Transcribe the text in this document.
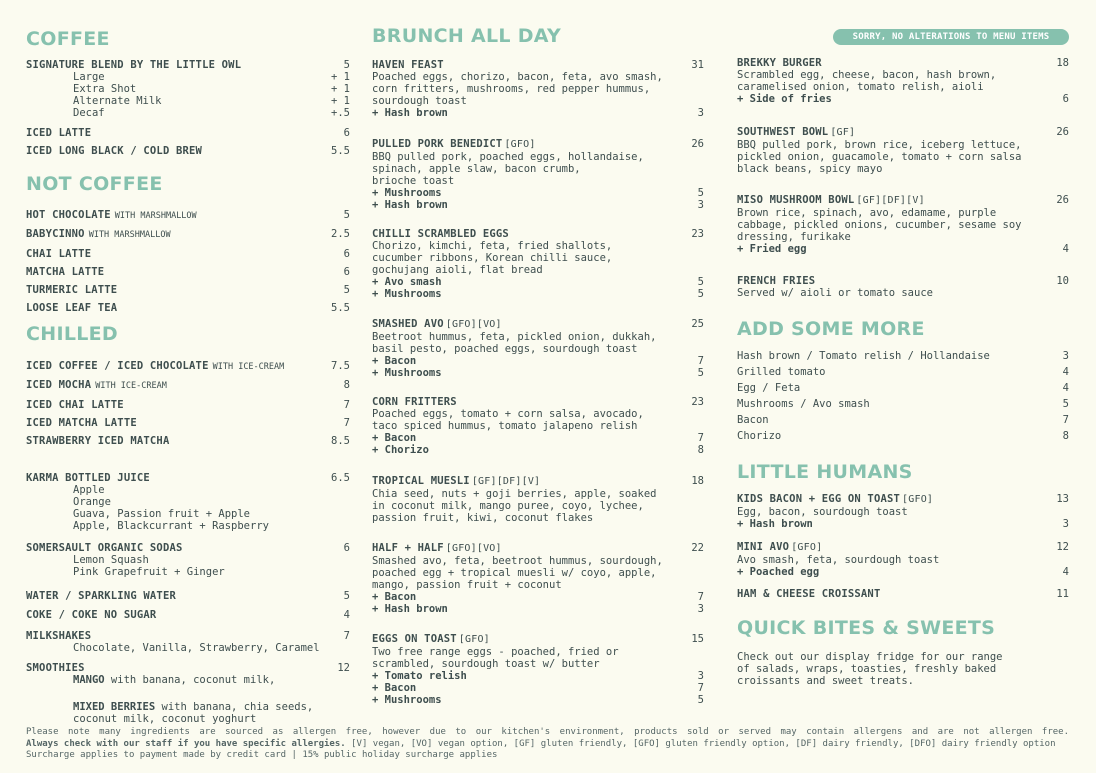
COFFEE
SIGNATURE BLEND BY THE LITTLE OWL	5
Large	+ 1
Extra Shot	+ 1
Alternate Milk	+ 1
Decaf	+.5
ICED LATTE	6
ICED LONG BLACK / COLD BREW	5.5
NOT COFFEE
HOT CHOCOLATE WITH MARSHMALLOW	5
BABYCINNO WITH MARSHMALLOW	2.5
CHAI LATTE	6
MATCHA LATTE	6
TURMERIC LATTE	5
LOOSE LEAF TEA	5.5
CHILLED
ICED COFFEE / ICED CHOCOLATE WITH ICE-CREAM	7.5
ICED MOCHA WITH ICE-CREAM	8
ICED CHAI LATTE	7
ICED MATCHA LATTE	7
STRAWBERRY ICED MATCHA	8.5
KARMA BOTTLED JUICE	6.5
Apple
Orange
Guava, Passion fruit + Apple
Apple, Blackcurrant + Raspberry
SOMERSAULT ORGANIC SODAS	6
Lemon Squash
Pink Grapefruit + Ginger
WATER / SPARKLING WATER	5
COKE / COKE NO SUGAR	4
MILKSHAKES	7
Chocolate, Vanilla, Strawberry, Caramel
SMOOTHIES	12
MANGO with banana, coconut milk,
MIXED BERRIES with banana, chia seeds,
coconut milk, coconut yoghurt
BRUNCH ALL DAY
HAVEN FEAST	31
Poached eggs, chorizo, bacon, feta, avo smash,
corn fritters, mushrooms, red pepper hummus,
sourdough toast
+ Hash brown	3
PULLED PORK BENEDICT [GFO]	26
BBQ pulled pork, poached eggs, hollandaise,
spinach, apple slaw, bacon crumb,
brioche toast
+ Mushrooms	5
+ Hash brown	3
CHILLI SCRAMBLED EGGS	23
Chorizo, kimchi, feta, fried shallots,
cucumber ribbons, Korean chilli sauce,
gochujang aioli, flat bread
+ Avo smash	5
+ Mushrooms	5
SMASHED AVO [GFO][VO]	25
Beetroot hummus, feta, pickled onion, dukkah,
basil pesto, poached eggs, sourdough toast
+ Bacon	7
+ Mushrooms	5
CORN FRITTERS	23
Poached eggs, tomato + corn salsa, avocado,
taco spiced hummus, tomato jalapeno relish
+ Bacon	7
+ Chorizo	8
TROPICAL MUESLI [GF][DF][V]	18
Chia seed, nuts + goji berries, apple, soaked
in coconut milk, mango puree, coyo, lychee,
passion fruit, kiwi, coconut flakes
HALF + HALF [GFO][VO]	22
Smashed avo, feta, beetroot hummus, sourdough,
poached egg + tropical muesli w/ coyo, apple,
mango, passion fruit + coconut
+ Bacon	7
+ Hash brown	3
EGGS ON TOAST [GFO]	15
Two free range eggs - poached, fried or
scrambled, sourdough toast w/ butter
+ Tomato relish	3
+ Bacon	7
+ Mushrooms	5
SORRY, NO ALTERATIONS TO MENU ITEMS
BREKKY BURGER	18
Scrambled egg, cheese, bacon, hash brown,
caramelised onion, tomato relish, aioli
+ Side of fries	6
SOUTHWEST BOWL [GF]	26
BBQ pulled pork, brown rice, iceberg lettuce,
pickled onion, guacamole, tomato + corn salsa
black beans, spicy mayo
MISO MUSHROOM BOWL [GF][DF][V]	26
Brown rice, spinach, avo, edamame, purple
cabbage, pickled onions, cucumber, sesame soy
dressing, furikake
+ Fried egg	4
FRENCH FRIES	10
Served w/ aioli or tomato sauce
ADD SOME MORE
Hash brown / Tomato relish / Hollandaise	3
Grilled tomato	4
Egg / Feta	4
Mushrooms / Avo smash	5
Bacon	7
Chorizo	8
LITTLE HUMANS
KIDS BACON + EGG ON TOAST [GFO]	13
Egg, bacon, sourdough toast
+ Hash brown	3
MINI AVO [GFO]	12
Avo smash, feta, sourdough toast
+ Poached egg	4
HAM & CHEESE CROISSANT	11
QUICK BITES & SWEETS
Check out our display fridge for our range
of salads, wraps, toasties, freshly baked
croissants and sweet treats.
Please note many ingredients are sourced as allergen free, however due to our kitchen's environment, products sold or served may contain allergens and are not allergen free.
Always check with our staff if you have specific allergies. [V] vegan, [VO] vegan option, [GF] gluten friendly, [GFO] gluten friendly option, [DF] dairy friendly, [DFO] dairy friendly option
Surcharge applies to payment made by credit card | 15% public holiday surcharge applies
